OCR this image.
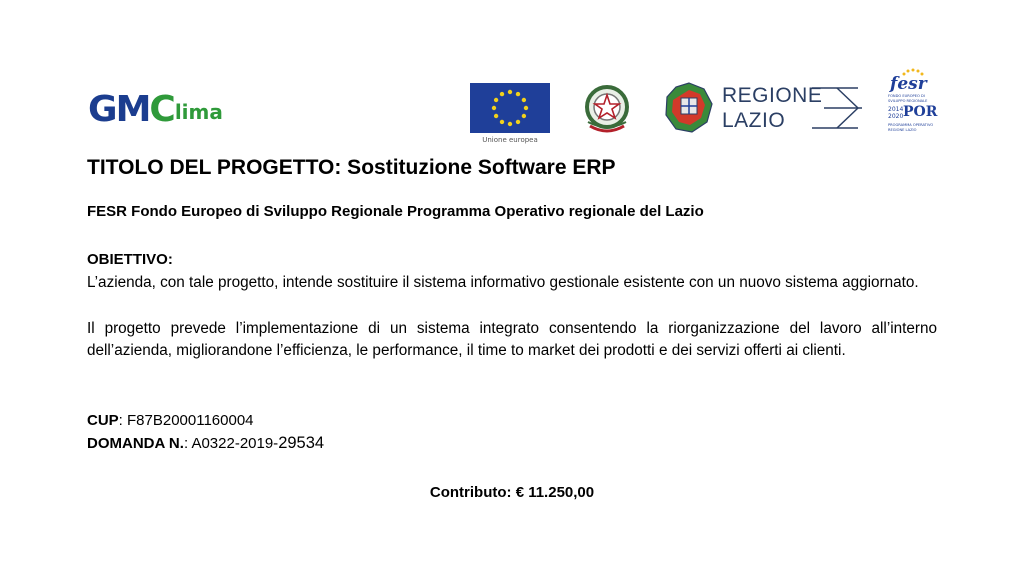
G M C lima
Unione europea
REGIONE
LAZIO
fesr
FONDO EUROPEO DI
SVILUPPO REGIONALE
2014
2020 POR
PROGRAMMA OPERATIVO
REGIONE LAZIO
TITOLO DEL PROGETTO: Sostituzione Software ERP
FESR Fondo Europeo di Sviluppo Regionale Programma Operativo regionale del Lazio
OBIETTIVO:
L’azienda, con tale progetto, intende sostituire il sistema informativo gestionale esistente con un nuovo sistema aggiornato.
Il progetto prevede l’implementazione di un sistema integrato consentendo la riorganizzazione del lavoro all’interno dell’azienda, migliorandone l’efficienza, le performance, il time to market dei prodotti e dei servizi offerti ai clienti.
CUP: F87B20001160004
DOMANDA N.: A0322-2019-29534
Contributo: € 11.250,00
